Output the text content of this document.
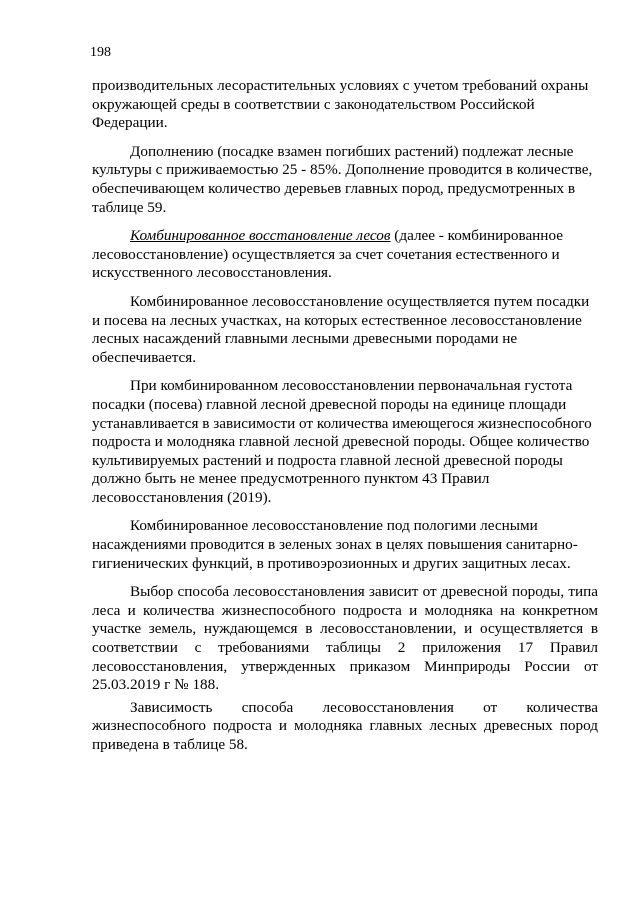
198

производительных лесорастительных условиях с учетом требований охраны окружающей среды в соответствии с законодательством Российской Федерации.

Дополнению (посадке взамен погибших растений) подлежат лесные культуры с приживаемостью 25 - 85%. Дополнение проводится в количестве, обеспечивающем количество деревьев главных пород, предусмотренных в таблице 59.

Комбинированное восстановление лесов (далее - комбинированное лесовосстановление) осуществляется за счет сочетания естественного и искусственного лесовосстановления.

Комбинированное лесовосстановление осуществляется путем посадки и посева на лесных участках, на которых естественное лесовосстановление лесных насаждений главными лесными древесными породами не обеспечивается.

При комбинированном лесовосстановлении первоначальная густота посадки (посева) главной лесной древесной породы на единице площади устанавливается в зависимости от количества имеющегося жизнеспособного подроста и молодняка главной лесной древесной породы. Общее количество культивируемых растений и подроста главной лесной древесной породы должно быть не менее предусмотренного пунктом 43 Правил лесовосстановления (2019).

Комбинированное лесовосстановление под пологими лесными насаждениями проводится в зеленых зонах в целях повышения санитарно-гигиенических функций, в противоэрозионных и других защитных лесах.

Выбор способа лесовосстановления зависит от древесной породы, типа леса и количества жизнеспособного подроста и молодняка на конкретном участке земель, нуждающемся в лесовосстановлении, и осуществляется в соответствии с требованиями таблицы 2 приложения 17 Правил лесовосстановления, утвержденных приказом Минприроды России от 25.03.2019 г № 188.

Зависимость способа лесовосстановления от количества жизнеспособного подроста и молодняка главных лесных древесных пород приведена в таблице 58.
